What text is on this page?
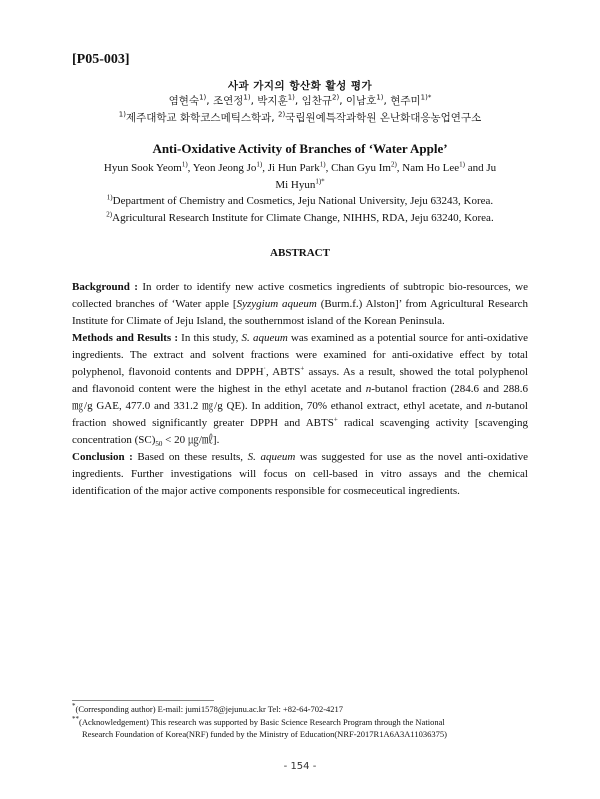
[P05-003]
사과 가지의 항산화 활성 평가
염현숙$^{1)}$, 조연정$^{1)}$, 박지훈$^{1)}$, 임찬규$^{2)}$, 이남호$^{1)}$, 현주미$^{1)*}$
$^{1)}$제주대학교 화학코스메틱스학과, $^{2)}$국립원예특작과학원 온난화대응농업연구소
Anti-Oxidative Activity of Branches of ‘Water Apple’
Hyun Sook Yeom$^{1)}$, Yeon Jeong Jo$^{1)}$, Ji Hun Park$^{1)}$, Chan Gyu Im$^{2)}$, Nam Ho Lee$^{1)}$ and Ju
Mi Hyun$^{1)*}$
$^{1)}$Department of Chemistry and Cosmetics, Jeju National University, Jeju 63243, Korea.
$^{2)}$Agricultural Research Institute for Climate Change, NIHHS, RDA, Jeju 63240, Korea.
ABSTRACT

Background : In order to identify new active cosmetics ingredients of subtropic bio-resources, we collected branches of ‘Water apple [Syzygium aqueum (Burm.f.) Alston]’ from Agricultural Research Institute for Climate of Jeju Island, the southernmost island of the Korean Peninsula.

Methods and Results : In this study, S. aqueum was examined as a potential source for anti-oxidative ingredients. The extract and solvent fractions were examined for anti-oxidative effect by total polyphenol, flavonoid contents and DPPH·, ABTS+ assays. As a result, showed the total polyphenol and flavonoid content were the highest in the ethyl acetate and n-butanol fraction (284.6 and 288.6 ㎎/g GAE, 477.0 and 331.2 ㎎/g QE). In addition, 70% ethanol extract, ethyl acetate, and n-butanol fraction showed significantly greater DPPH and ABTS+ radical scavenging activity [scavenging concentration $(SC)_{50} < 20$ ㎍/㎖].

Conclusion : Based on these results, S. aqueum was suggested for use as the novel anti-oxidative ingredients. Further investigations will focus on cell-based in vitro assays and the chemical identification of the major active components responsible for cosmeceutical ingredients.

*(Corresponding author) E-mail: jumi1578@jejunu.ac.kr Tel: +82-64-702-4217
**(Acknowledgement) This research was supported by Basic Science Research Program through the National
Research Foundation of Korea(NRF) funded by the Ministry of Education(NRF-2017R1A6A3A11036375)
- 154 -
